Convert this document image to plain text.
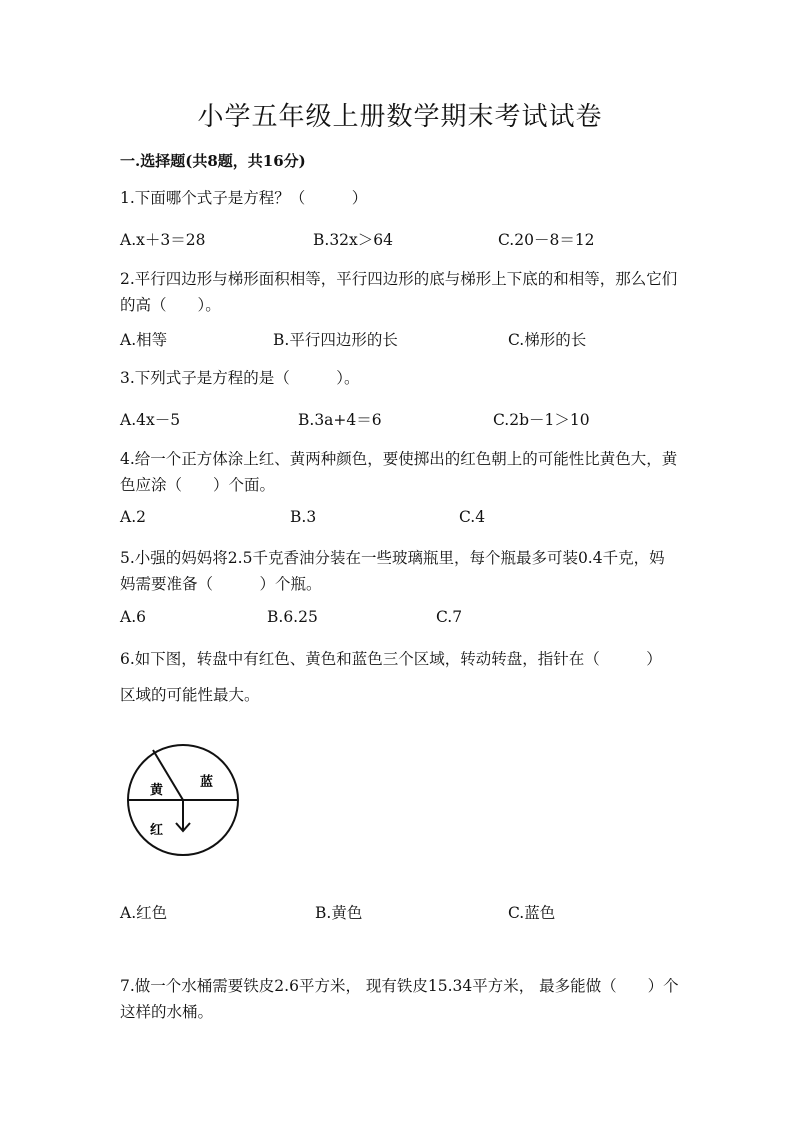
小学五年级上册数学期末考试试卷
一.选择题(共8题，共16分)
1.下面哪个式子是方程？（　　　）
A.x＋3＝28	B.32x＞64	C.20－8＝12
2.平行四边形与梯形面积相等，平行四边形的底与梯形上下底的和相等，那么它们的高（　　）。
A.相等	B.平行四边形的长	C.梯形的长
3.下列式子是方程的是（　　　）。
A.4x－5	B.3a+4＝6	C.2b－1＞10
4.给一个正方体涂上红、黄两种颜色，要使掷出的红色朝上的可能性比黄色大，黄色应涂（　　）个面。
A.2	B.3	C.4
5.小强的妈妈将2.5千克香油分装在一些玻璃瓶里，每个瓶最多可装0.4千克，妈妈需要准备（　　　）个瓶。
A.6	B.6.25	C.7
6.如下图，转盘中有红色、黄色和蓝色三个区域，转动转盘，指针在（　　　）
区域的可能性最大。
黄
蓝
红
A.红色	B.黄色	C.蓝色
7.做一个水桶需要铁皮2.6平方米， 现有铁皮15.34平方米， 最多能做（　　）个这样的水桶。
